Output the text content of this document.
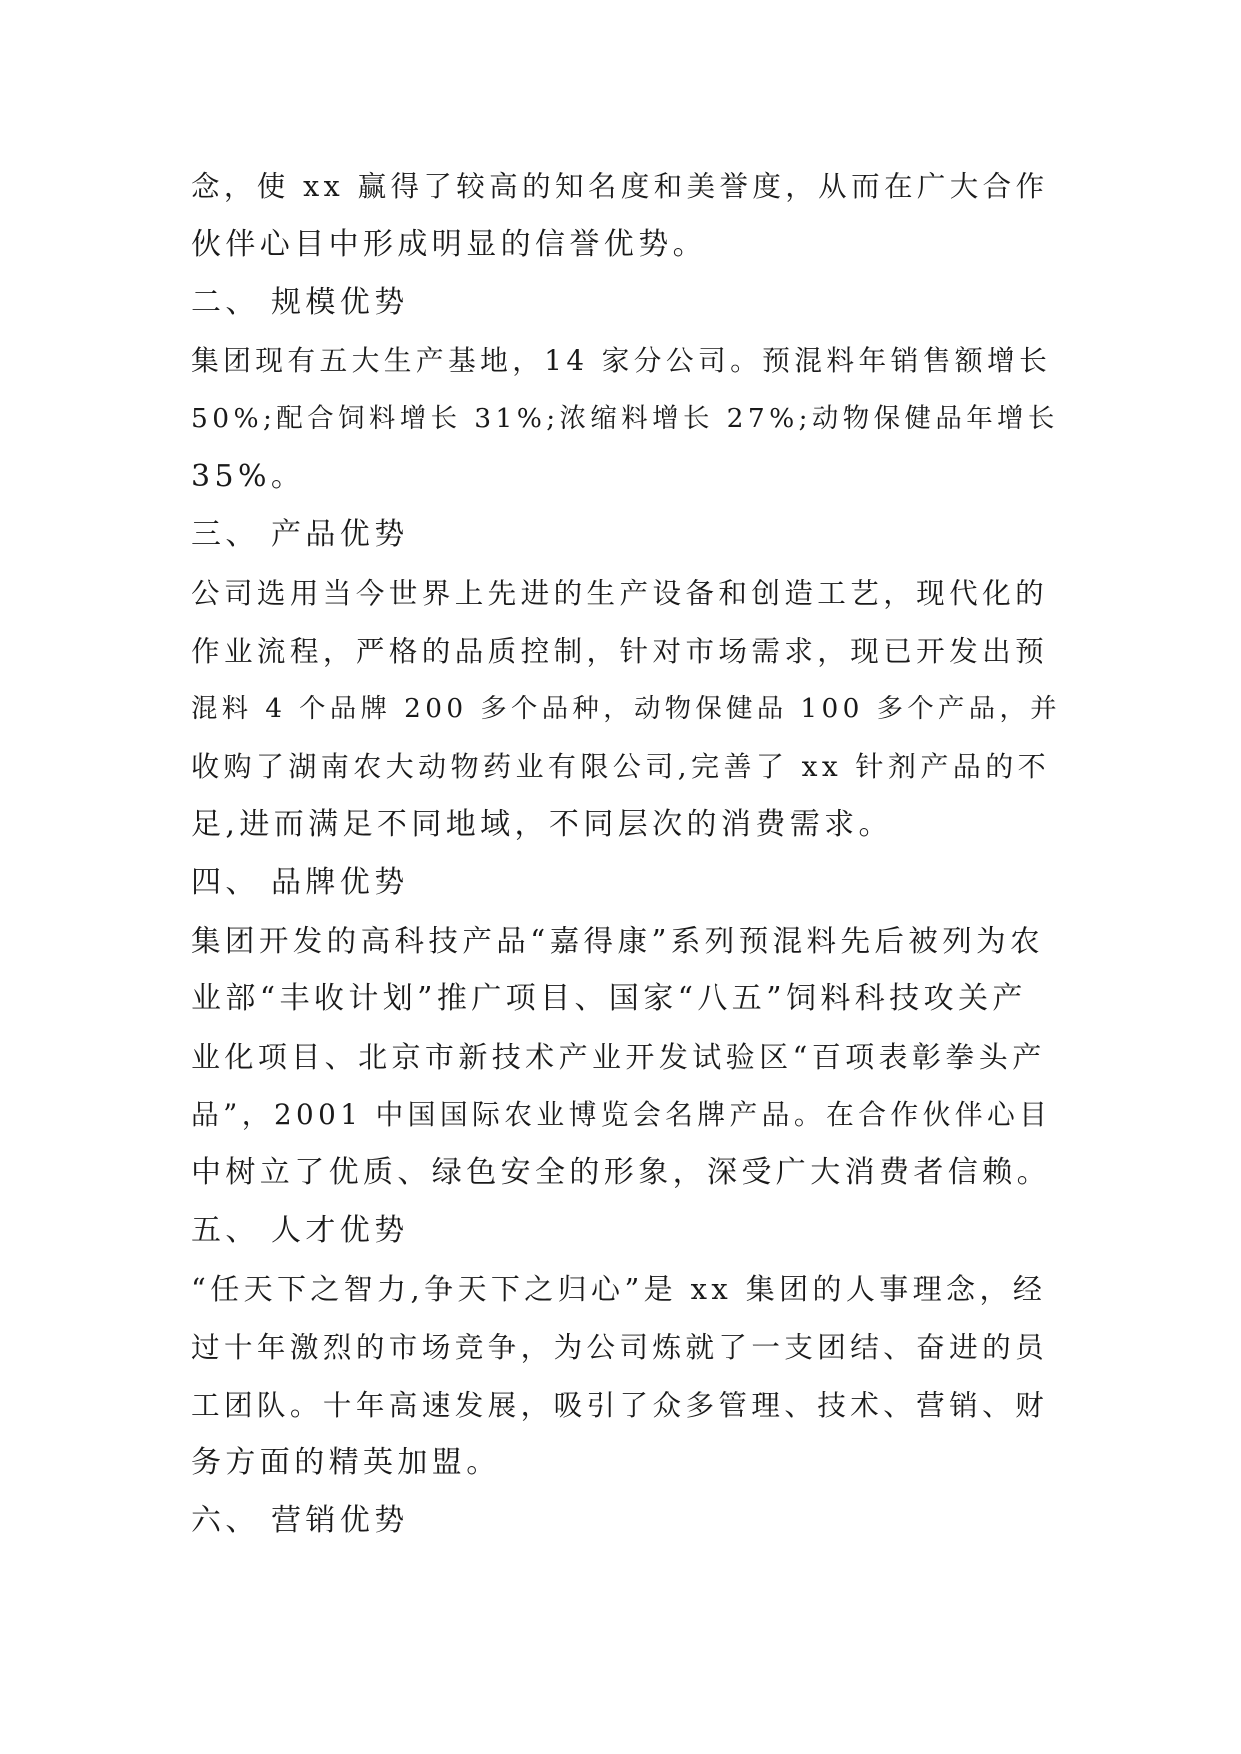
念，使 xx 赢得了较高的知名度和美誉度，从而在广大合作
伙伴心目中形成明显的信誉优势。
二、 规模优势
集团现有五大生产基地，14 家分公司。预混料年销售额增长
50%;配合饲料增长 31%;浓缩料增长 27%;动物保健品年增长
35%。
三、 产品优势
公司选用当今世界上先进的生产设备和创造工艺，现代化的
作业流程，严格的品质控制，针对市场需求，现已开发出预
混料 4 个品牌 200 多个品种，动物保健品 100 多个产品，并
收购了湖南农大动物药业有限公司,完善了 xx 针剂产品的不
足,进而满足不同地域，不同层次的消费需求。
四、 品牌优势
集团开发的高科技产品“嘉得康”系列预混料先后被列为农
业部“丰收计划”推广项目、国家“八五”饲料科技攻关产
业化项目、北京市新技术产业开发试验区“百项表彰拳头产
品”，2001 中国国际农业博览会名牌产品。在合作伙伴心目
中树立了优质、绿色安全的形象，深受广大消费者信赖。
五、 人才优势
“任天下之智力,争天下之归心”是 xx 集团的人事理念，经
过十年激烈的市场竞争，为公司炼就了一支团结、奋进的员
工团队。十年高速发展，吸引了众多管理、技术、营销、财
务方面的精英加盟。
六、 营销优势
